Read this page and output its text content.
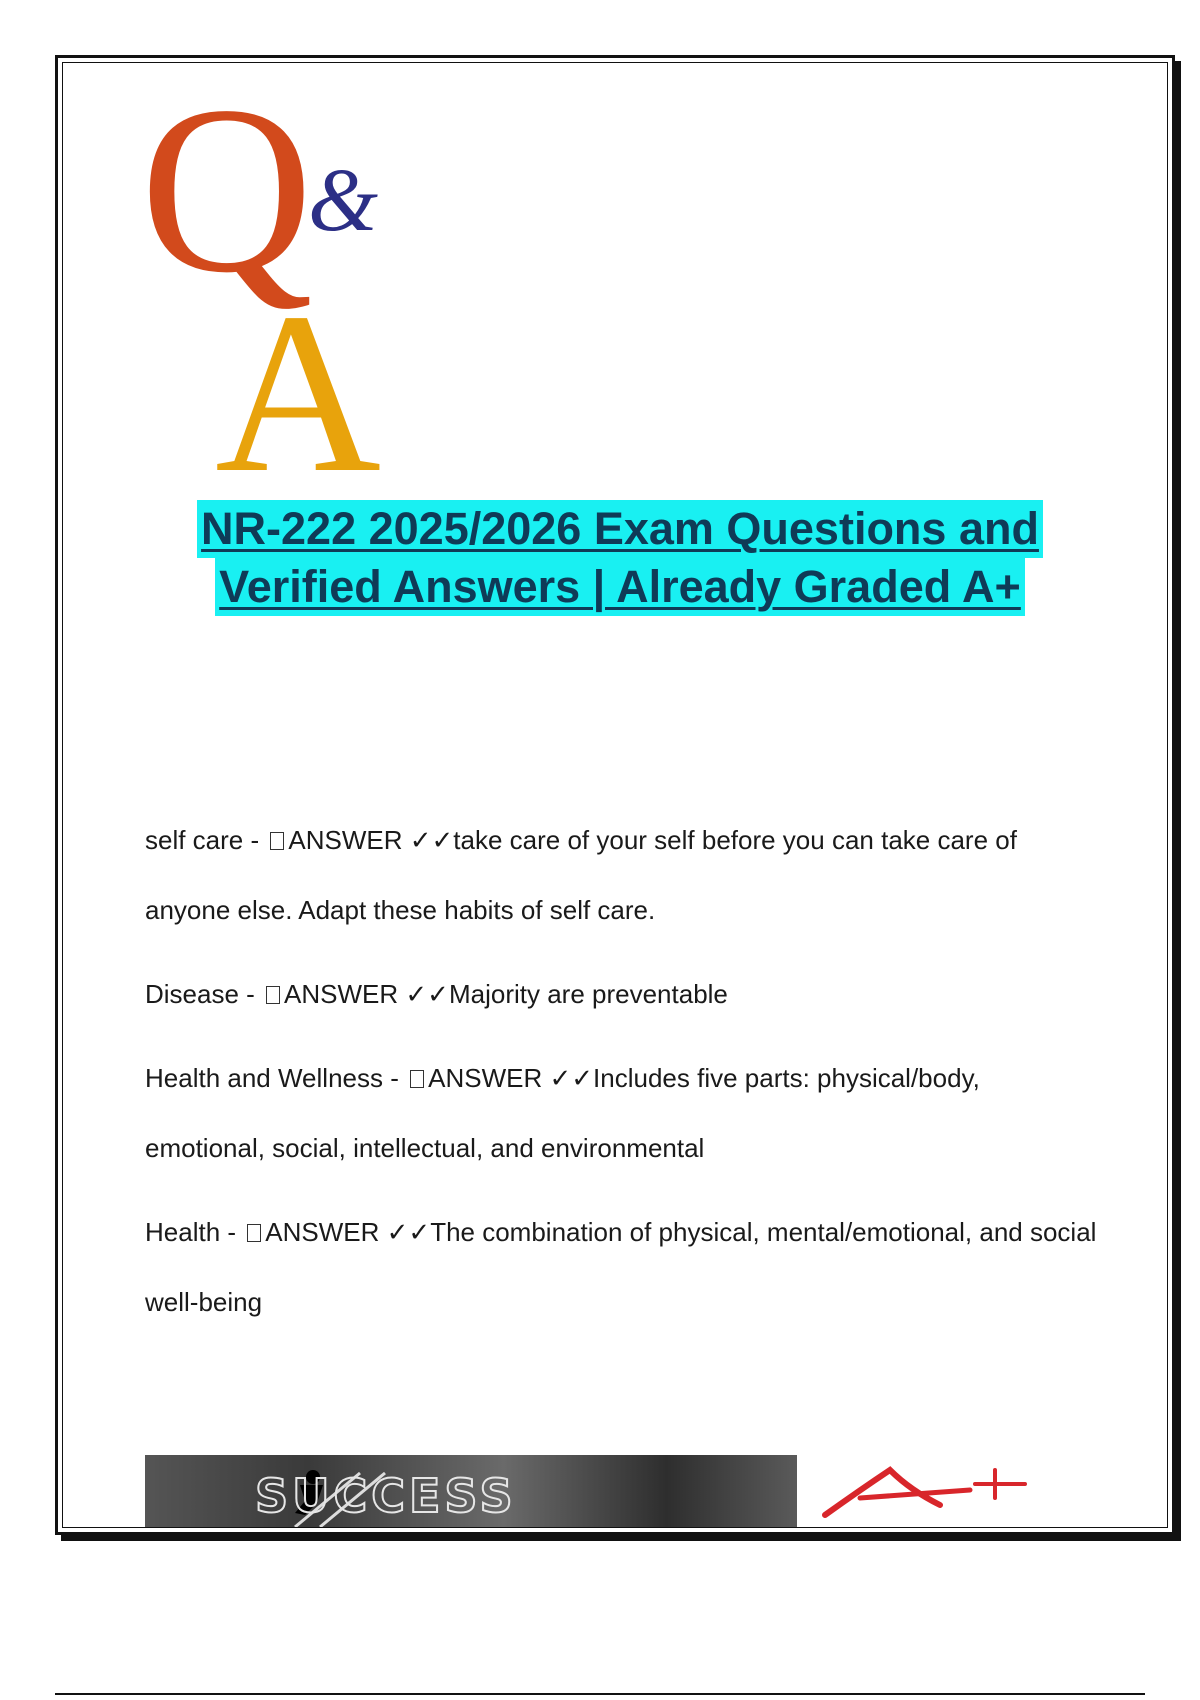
Q
&
A

NR-222 2025/2026 Exam Questions and

Verified Answers | Already Graded A+

self care - ANSWER ✓✓take care of your self before you can take care of anyone else. Adapt these habits of self care.

Disease - ANSWER ✓✓Majority are preventable

Health and Wellness - ANSWER ✓✓Includes five parts: physical/body, emotional, social, intellectual, and environmental

Health - ANSWER ✓✓The combination of physical, mental/emotional, and social well-being

SUCCESS
A+
